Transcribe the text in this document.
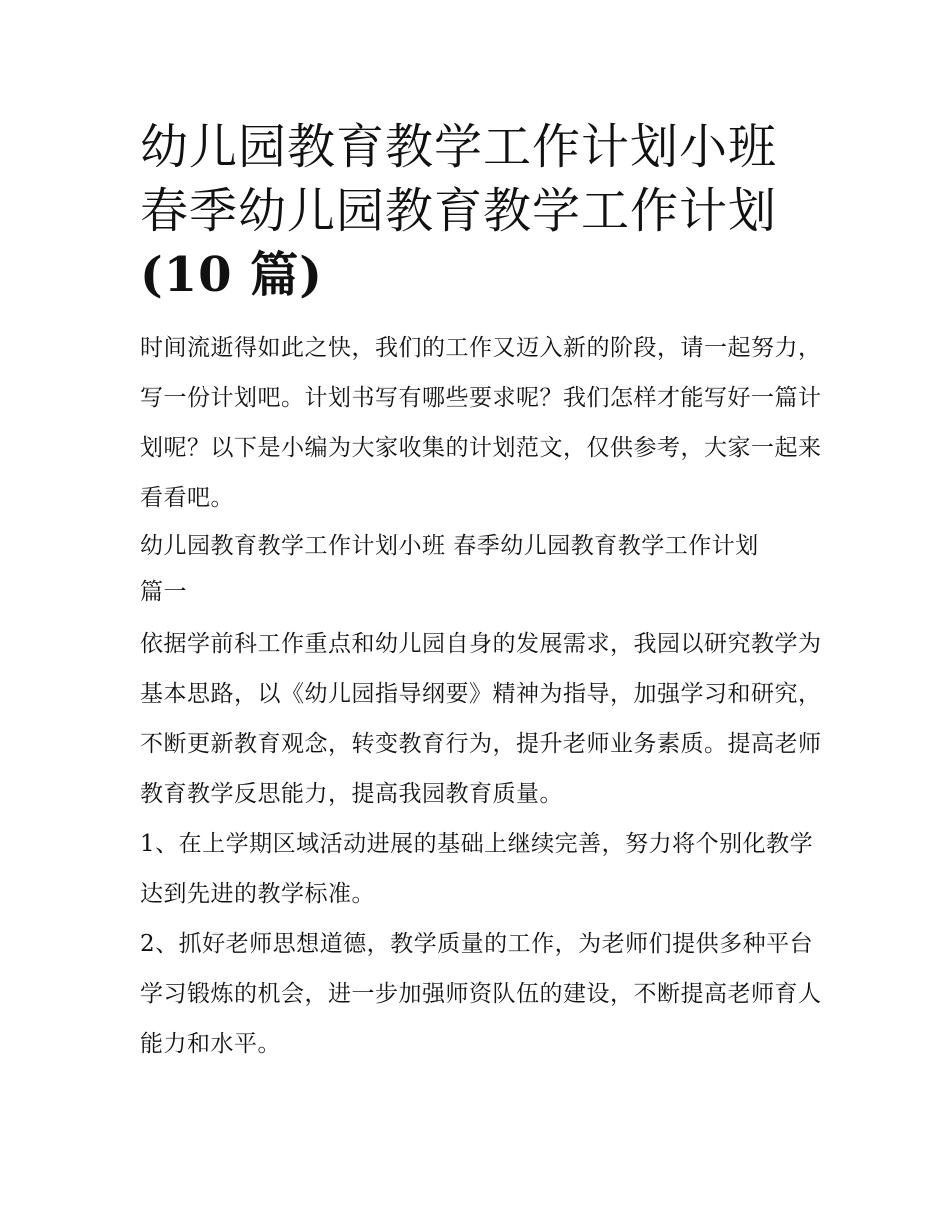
幼儿园教育教学工作计划小班
春季幼儿园教育教学工作计划
(10 篇)

时间流逝得如此之快，我们的工作又迈入新的阶段，请一起努力，写一份计划吧。计划书写有哪些要求呢？我们怎样才能写好一篇计划呢？以下是小编为大家收集的计划范文，仅供参考，大家一起来看看吧。

幼儿园教育教学工作计划小班 春季幼儿园教育教学工作计划

篇一

依据学前科工作重点和幼儿园自身的发展需求，我园以研究教学为基本思路，以《幼儿园指导纲要》精神为指导，加强学习和研究，不断更新教育观念，转变教育行为，提升老师业务素质。提高老师教育教学反思能力，提高我园教育质量。

1、在上学期区域活动进展的基础上继续完善，努力将个别化教学达到先进的教学标准。

2、抓好老师思想道德，教学质量的工作，为老师们提供多种平台学习锻炼的机会，进一步加强师资队伍的建设，不断提高老师育人能力和水平。
